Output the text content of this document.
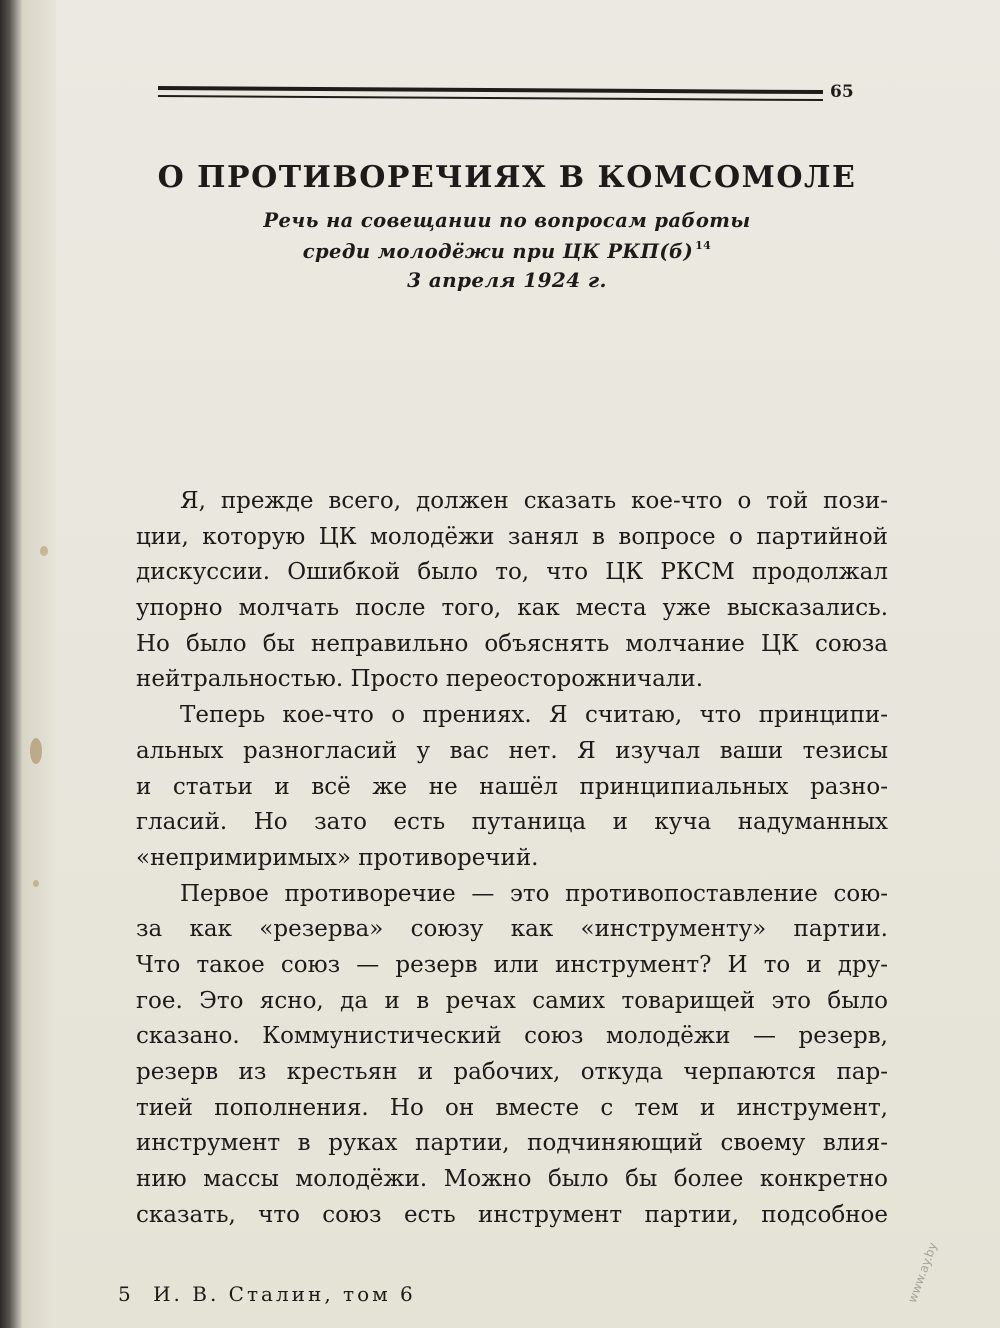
65
О ПРОТИВОРЕЧИЯХ В КОМСОМОЛЕ
Речь на совещании по вопросам работы
среди молодёжи при ЦК РКП(б) $^{14}$
3 апреля 1924 г.
Я, прежде всего, должен сказать кое-что о той пози-
ции, которую ЦК молодёжи занял в вопросе о партийной
дискуссии. Ошибкой было то, что ЦК РКСМ продолжал
упорно молчать после того, как места уже высказались.
Но было бы неправильно объяснять молчание ЦК союза
нейтральностью. Просто переосторожничали.
Теперь кое-что о прениях. Я считаю, что принципи-
альных разногласий у вас нет. Я изучал ваши тезисы
и статьи и всё же не нашёл принципиальных разно-
гласий. Но зато есть путаница и куча надуманных
«непримиримых» противоречий.
Первое противоречие — это противопоставление сою-
за как «резерва» союзу как «инструменту» партии.
Что такое союз — резерв или инструмент? И то и дру-
гое. Это ясно, да и в речах самих товарищей это было
сказано. Коммунистический союз молодёжи — резерв,
резерв из крестьян и рабочих, откуда черпаются пар-
тией пополнения. Но он вместе с тем и инструмент,
инструмент в руках партии, подчиняющий своему влия-
нию массы молодёжи. Можно было бы более конкретно
сказать, что союз есть инструмент партии, подсобное
5 И. В. Сталин, том 6	www.ay.by
